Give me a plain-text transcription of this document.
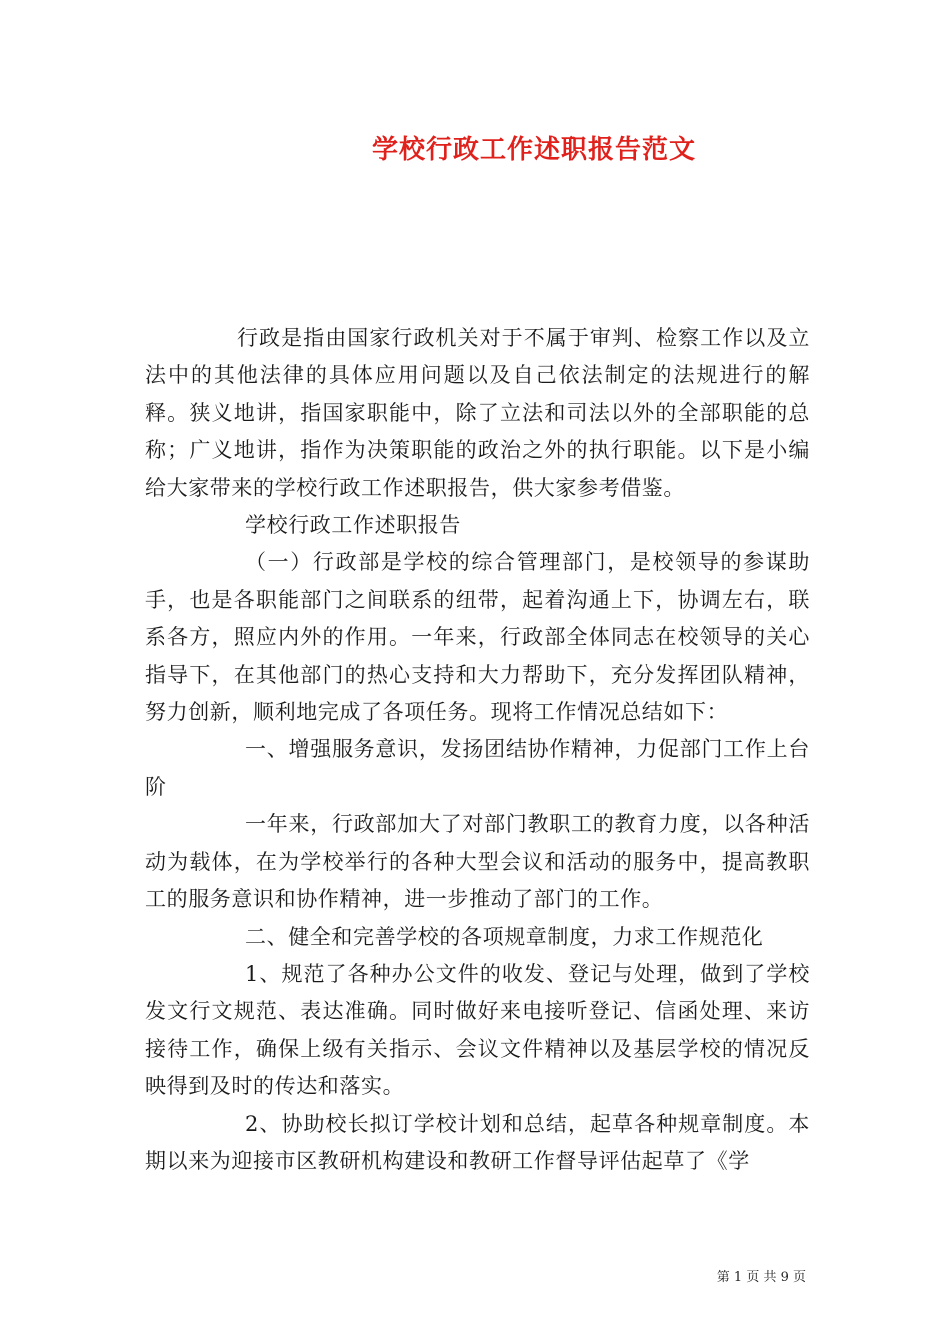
学校行政工作述职报告范文

行政是指由国家行政机关对于不属于审判、检察工作以及立法中的其他法律的具体应用问题以及自己依法制定的法规进行的解释。狭义地讲，指国家职能中，除了立法和司法以外的全部职能的总称；广义地讲，指作为决策职能的政治之外的执行职能。以下是小编给大家带来的学校行政工作述职报告，供大家参考借鉴。

学校行政工作述职报告

（一）行政部是学校的综合管理部门，是校领导的参谋助手，也是各职能部门之间联系的纽带，起着沟通上下，协调左右，联系各方，照应内外的作用。一年来，行政部全体同志在校领导的关心指导下，在其他部门的热心支持和大力帮助下，充分发挥团队精神，努力创新，顺利地完成了各项任务。现将工作情况总结如下：

一、增强服务意识，发扬团结协作精神，力促部门工作上台阶

一年来，行政部加大了对部门教职工的教育力度，以各种活动为载体，在为学校举行的各种大型会议和活动的服务中，提高教职工的服务意识和协作精神，进一步推动了部门的工作。

二、健全和完善学校的各项规章制度，力求工作规范化

1、规范了各种办公文件的收发、登记与处理，做到了学校发文行文规范、表达准确。同时做好来电接听登记、信函处理、来访接待工作，确保上级有关指示、会议文件精神以及基层学校的情况反映得到及时的传达和落实。

2、协助校长拟订学校计划和总结，起草各种规章制度。本期以来为迎接市区教研机构建设和教研工作督导评估起草了《学

第 1 页 共 9 页
